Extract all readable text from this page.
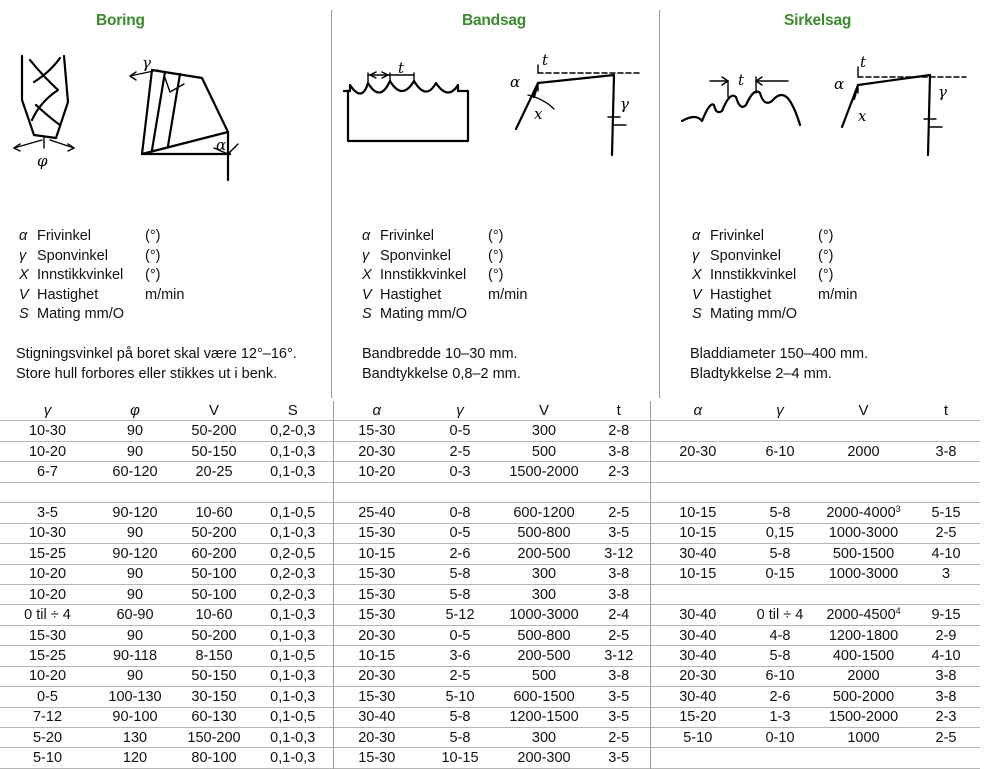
Boring	Bandsag	Sirkelsag
φ
γ
α
t
α
t
γ
x
t	α
t
γ
x
α Frivinkel	(°)
γ Sponvinkel	(°)
X Innstikkvinkel (°)
V Hastighet	m/min
S Mating mm/O
α Frivinkel	(°)
γ Sponvinkel	(°)
X Innstikkvinkel (°)
V Hastighet	m/min
S Mating mm/O
α Frivinkel	(°)
γ Sponvinkel	(°)
X Innstikkvinkel (°)
V Hastighet	m/min
S Mating mm/O
Stigningsvinkel på boret skal være 12°–16°.
Store hull forbores eller stikkes ut i benk.
Bandbredde 10–30 mm.
Bandtykkelse 0,8–2 mm.
Bladdiameter 150–400 mm.
Bladtykkelse 2–4 mm.
γ	φ	V	S	α	γ	V	t	α	γ	V	t
10-30	90	50-200	0,2-0,3	15-30	0-5	300	2-8				
10-20	90	50-150	0,1-0,3	20-30	2-5	500	3-8	20-30	6-10	2000	3-8
6-7	60-120	20-25	0,1-0,3	10-20	0-3	1500-2000	2-3				

3-5	90-120	10-60	0,1-0,5	25-40	0-8	600-1200	2-5	10-15	5-8	2000-4000$^3$	5-15
10-30	90	50-200	0,1-0,3	15-30	0-5	500-800	3-5	10-15	0,15	1000-3000	2-5
15-25	90-120	60-200	0,2-0,5	10-15	2-6	200-500	3-12	30-40	5-8	500-1500	4-10
10-20	90	50-100	0,2-0,3	15-30	5-8	300	3-8	10-15	0-15	1000-3000	3
10-20	90	50-100	0,2-0,3	15-30	5-8	300	3-8				
0 til ÷ 4	60-90	10-60	0,1-0,3	15-30	5-12	1000-3000	2-4	30-40	0 til ÷ 4	2000-4500$^4$	9-15
15-30	90	50-200	0,1-0,3	20-30	0-5	500-800	2-5	30-40	4-8	1200-1800	2-9
15-25	90-118	8-150	0,1-0,5	10-15	3-6	200-500	3-12	30-40	5-8	400-1500	4-10
10-20	90	50-150	0,1-0,3	20-30	2-5	500	3-8	20-30	6-10	2000	3-8
0-5	100-130	30-150	0,1-0,3	15-30	5-10	600-1500	3-5	30-40	2-6	500-2000	3-8
7-12	90-100	60-130	0,1-0,5	30-40	5-8	1200-1500	3-5	15-20	1-3	1500-2000	2-3
5-20	130	150-200	0,1-0,3	20-30	5-8	300	2-5	5-10	0-10	1000	2-5
5-10	120	80-100	0,1-0,3	15-30	10-15	200-300	3-5				
